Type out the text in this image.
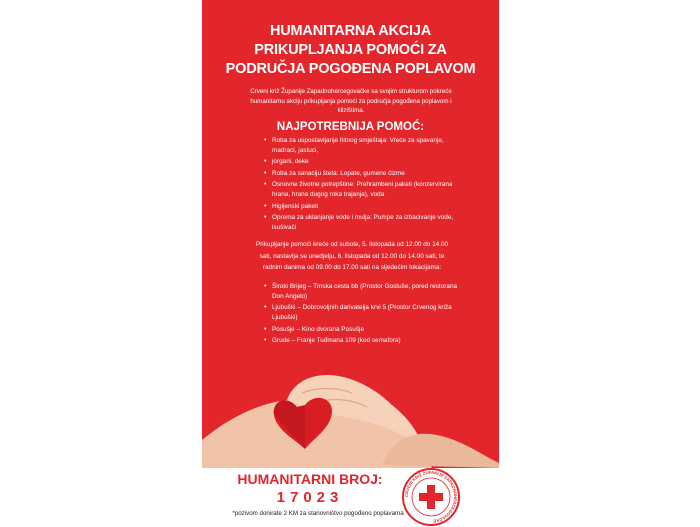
HUMANITARNA AKCIJA
PRIKUPLJANJA POMOĆI ZA
PODRUČJA POGOĐENA POPLAVOM
Crveni križ Županije Zapadnohercegovačke sa svojim strukturom pokreće humanitarnu akciju prikupljanja pomoći za područja pogođena poplavom i klizištima.
NAJPOTREBNIJA POMOĆ:
• Roba za uspostavljanje hitnog smještaja: Vreće za spavanje, madraci, jastuci,
• jorgani, deke
• Roba za sanaciju šteta: Lopate, gumene čizme
• Osnovne životne potrepštine: Prehrambeni paketi (konzervirana hrana, hrana dugog roka trajanja), voda
• Higijenski paketi
• Oprema za uklanjanje vode i mulja: Pumpe za izbacivanje vode, isušivači
Prikupljanje pomoći kreće od subote, 5. listopada od 12.00 do 14.00 sati, nastavlja se unedjelju, 6. listopada od 12.00 do 14.00 sati, te radnim danima od 09.00 do 17.00 sati na sljedećim lokacijama:
• Široki Brijeg – Trnska cesta bb (Prostor Gostuše, pored restorana Don Angelo)
• Ljubuški – Dobrovoljnih darivatelja krvi 5 (Prostor Crvenog križa Ljubuški)
• Posušje – Kino dvorana Posušje
• Grude – Franje Tuđmana 109 (kod semafora)
HUMANITARNI BROJ:
17023
*pozivom donirate 2 KM za stanovništvo pogođeno poplavama
CRVENI KRIŽ ŽUPANIJE ZAPADNOHERCEGOVAČKE
